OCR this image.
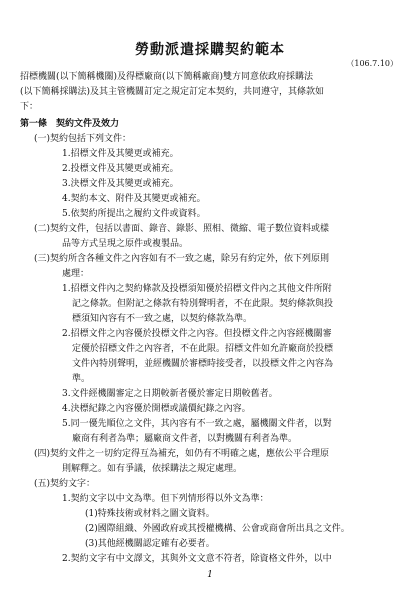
勞動派遣採購契約範本
（106.7.10）
招標機關(以下簡稱機關)及得標廠商(以下簡稱廠商)雙方同意依政府採購法
(以下簡稱採購法)及其主管機關訂定之規定訂定本契約，共同遵守，其條款如
下：
第一條　契約文件及效力
(一)契約包括下列文件：
1.招標文件及其變更或補充。
2.投標文件及其變更或補充。
3.決標文件及其變更或補充。
4.契約本文、附件及其變更或補充。
5.依契約所提出之履約文件或資料。
(二)契約文件，包括以書面、錄音、錄影、照相、微縮、電子數位資料或樣
品等方式呈現之原件或複製品。
(三)契約所含各種文件之內容如有不一致之處，除另有約定外，依下列原則
處理：
1.招標文件內之契約條款及投標須知優於招標文件內之其他文件所附
記之條款。但附記之條款有特別聲明者，不在此限。契約條款與投
標須知內容有不一致之處，以契約條款為準。
2.招標文件之內容優於投標文件之內容。但投標文件之內容經機關審
定優於招標文件之內容者，不在此限。招標文件如允許廠商於投標
文件內特別聲明，並經機關於審標時接受者，以投標文件之內容為
準。
3.文件經機關審定之日期較新者優於審定日期較舊者。
4.決標紀錄之內容優於開標或議價紀錄之內容。
5.同一優先順位之文件，其內容有不一致之處，屬機關文件者，以對
廠商有利者為準；屬廠商文件者，以對機關有利者為準。
(四)契約文件之一切約定得互為補充，如仍有不明確之處，應依公平合理原
則解釋之。如有爭議，依採購法之規定處理。
(五)契約文字：
1.契約文字以中文為準。但下列情形得以外文為準：
(1)特殊技術或材料之圖文資料。
(2)國際組織、外國政府或其授權機構、公會或商會所出具之文件。
(3)其他經機關認定確有必要者。
2.契約文字有中文譯文，其與外文文意不符者，除資格文件外，以中
1
